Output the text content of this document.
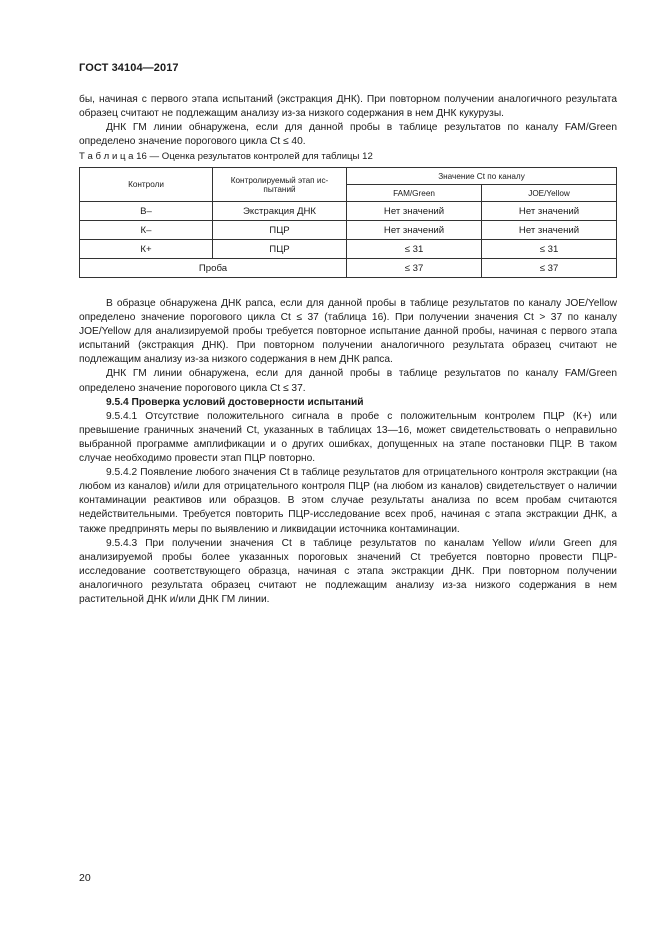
ГОСТ 34104—2017

бы, начиная с первого этапа испытаний (экстракция ДНК). При повторном получении аналогичного результата образец считают не подлежащим анализу из-за низкого содержания в нем ДНК кукурузы.

ДНК ГМ линии обнаружена, если для данной пробы в таблице результатов по каналу FAM/Green определено значение порогового цикла Ct ≤ 40.

Т а б л и ц а 16 — Оценка результатов контролей для таблицы 12
Контроли	Контролируемый этап ис-пытаний	Значение Ct по каналу	
		FAM/Green	JOE/Yellow
В–	Экстракция ДНК	Нет значений	Нет значений
К–	ПЦР	Нет значений	Нет значений
К+	ПЦР	≤ 31	≤ 31
Проба		≤ 37	≤ 37

В образце обнаружена ДНК рапса, если для данной пробы в таблице результатов по каналу JOE/Yellow определено значение порогового цикла Ct ≤ 37 (таблица 16). При получении значения Ct > 37 по каналу JOE/Yellow для анализируемой пробы требуется повторное испытание данной пробы, начиная с первого этапа испытаний (экстракция ДНК). При повторном получении аналогичного результата образец считают не подлежащим анализу из-за низкого содержания в нем ДНК рапса.

ДНК ГМ линии обнаружена, если для данной пробы в таблице результатов по каналу FAM/Green определено значение порогового цикла Ct ≤ 37.

9.5.4 Проверка условий достоверности испытаний

9.5.4.1 Отсутствие положительного сигнала в пробе с положительным контролем ПЦР (К+) или превышение граничных значений Ct, указанных в таблицах 13—16, может свидетельствовать о неправильно выбранной программе амплификации и о других ошибках, допущенных на этапе постановки ПЦР. В таком случае необходимо провести этап ПЦР повторно.

9.5.4.2 Появление любого значения Ct в таблице результатов для отрицательного контроля экстракции (на любом из каналов) и/или для отрицательного контроля ПЦР (на любом из каналов) свидетельствует о наличии контаминации реактивов или образцов. В этом случае результаты анализа по всем пробам считаются недействительными. Требуется повторить ПЦР-исследование всех проб, начиная с этапа экстракции ДНК, а также предпринять меры по выявлению и ликвидации источника контаминации.

9.5.4.3 При получении значения Ct в таблице результатов по каналам Yellow и/или Green для анализируемой пробы более указанных пороговых значений Ct требуется повторно провести ПЦР-исследование соответствующего образца, начиная с этапа экстракции ДНК. При повторном получении аналогичного результата образец считают не подлежащим анализу из-за низкого содержания в нем растительной ДНК и/или ДНК ГМ линии.

20
